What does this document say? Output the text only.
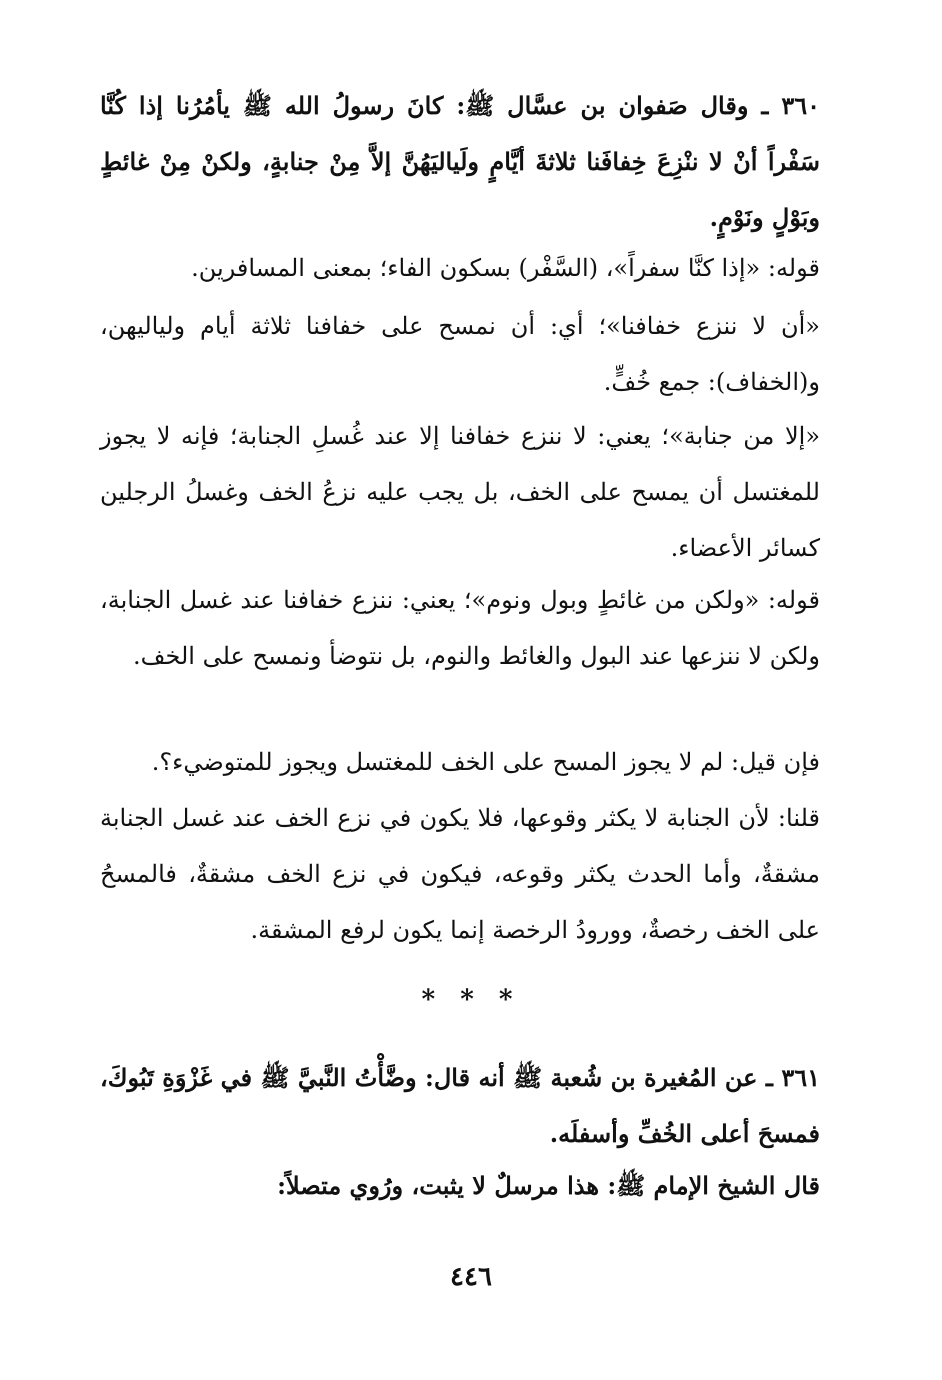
٣٦٠ ـ وقال صَفوان بن عسَّال ﷺ: كانَ رسولُ الله ﷺ يأمُرُنا إذا كُنَّا سَفْراً أنْ لا ننْزِعَ خِفافَنا ثلاثةَ أيَّامٍ ولَياليَهُنَّ إلاَّ مِنْ جنابةٍ، ولكنْ مِنْ غائطٍ وبَوْلٍ ونَوْمٍ.

قوله: «إذا كنَّا سفراً»، (السَّفْر) بسكون الفاء؛ بمعنى المسافرين.

«أن لا ننزع خفافنا»؛ أي: أن نمسح على خفافنا ثلاثة أيام ولياليهن، و(الخفاف): جمع خُفٍّ.

«إلا من جنابة»؛ يعني: لا ننزع خفافنا إلا عند غُسلِ الجنابة؛ فإنه لا يجوز للمغتسل أن يمسح على الخف، بل يجب عليه نزعُ الخف وغسلُ الرجلين كسائر الأعضاء.

قوله: «ولكن من غائطٍ وبول ونوم»؛ يعني: ننزع خفافنا عند غسل الجنابة، ولكن لا ننزعها عند البول والغائط والنوم، بل نتوضأ ونمسح على الخف.

فإن قيل: لم لا يجوز المسح على الخف للمغتسل ويجوز للمتوضيء؟.

قلنا: لأن الجنابة لا يكثر وقوعها، فلا يكون في نزع الخف عند غسل الجنابة مشقةٌ، وأما الحدث يكثر وقوعه، فيكون في نزع الخف مشقةٌ، فالمسحُ على الخف رخصةٌ، وورودُ الرخصة إنما يكون لرفع المشقة.

* * *

٣٦١ ـ عن المُغيرة بن شُعبة ﷺ أنه قال: وضَّأْتُ النَّبيَّ ﷺ في غَزْوَةِ تَبُوكَ، فمسحَ أعلى الخُفِّ وأسفلَه.

قال الشيخ الإمام ﷺ: هذا مرسلٌ لا يثبت، ورُوي متصلاً:

٤٤٦
